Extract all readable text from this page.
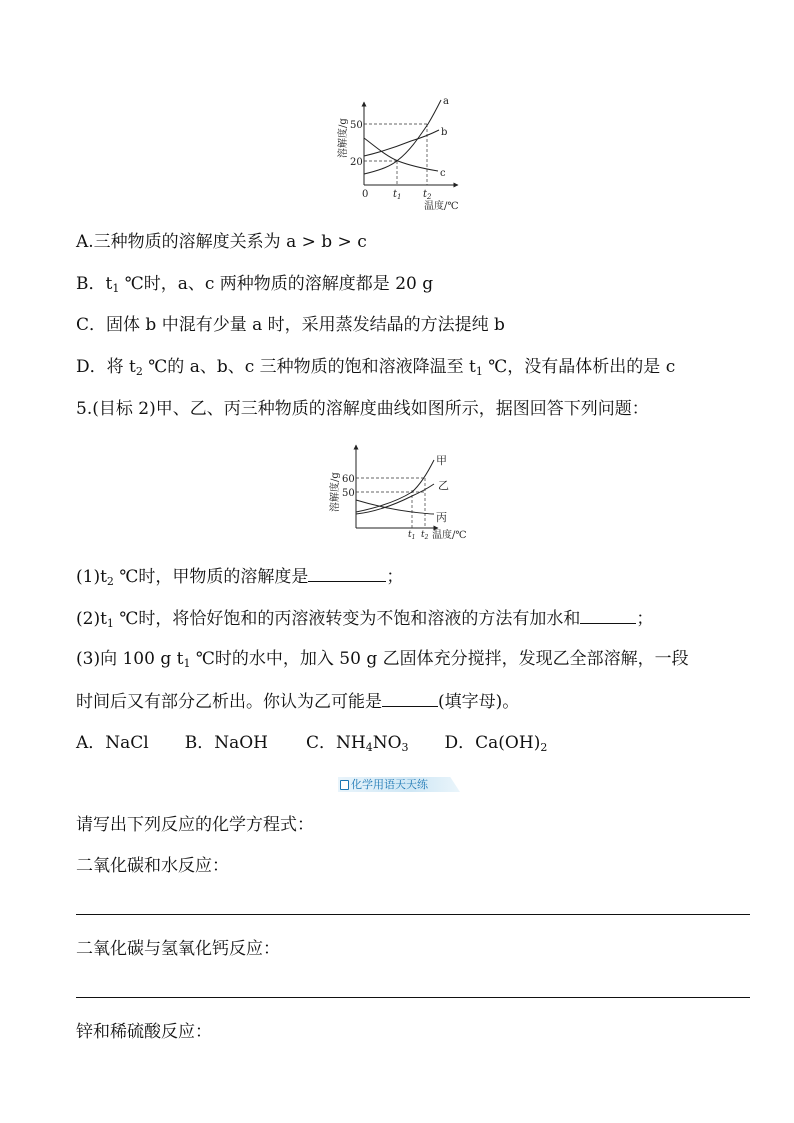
溶解度/g 50
20
0 $t_1$ $t_2$
温度/℃
a
b
c
A.三种物质的溶解度关系为 a > b > c
B．$t_1$ ℃时，a、c 两种物质的溶解度都是 20 g
C．固体 b 中混有少量 a 时，采用蒸发结晶的方法提纯 b
D．将 $t_2$ ℃的 a、b、c 三种物质的饱和溶液降温至 $t_1$ ℃，没有晶体析出的是 c
5.(目标 2)甲、乙、丙三种物质的溶解度曲线如图所示，据图回答下列问题：
溶解度/g 60
50
$t_1$ $t_2$ 温度/℃
甲
乙
丙
$(1)t_2$ ℃时，甲物质的溶解度是	；
$(2)t_1$ ℃时，将恰好饱和的丙溶液转变为不饱和溶液的方法有加水和	；
(3)向 100 g $t_1$ ℃时的水中，加入 50 g 乙固体充分搅拌，发现乙全部溶解，一段
时间后又有部分乙析出。你认为乙可能是	(填字母)。
A．NaCl B．NaOH C．$NH_4NO_3$ D．$Ca(OH)_2$
化学用语天天练
请写出下列反应的化学方程式：
二氧化碳和水反应：
二氧化碳与氢氧化钙反应：
锌和稀硫酸反应：
